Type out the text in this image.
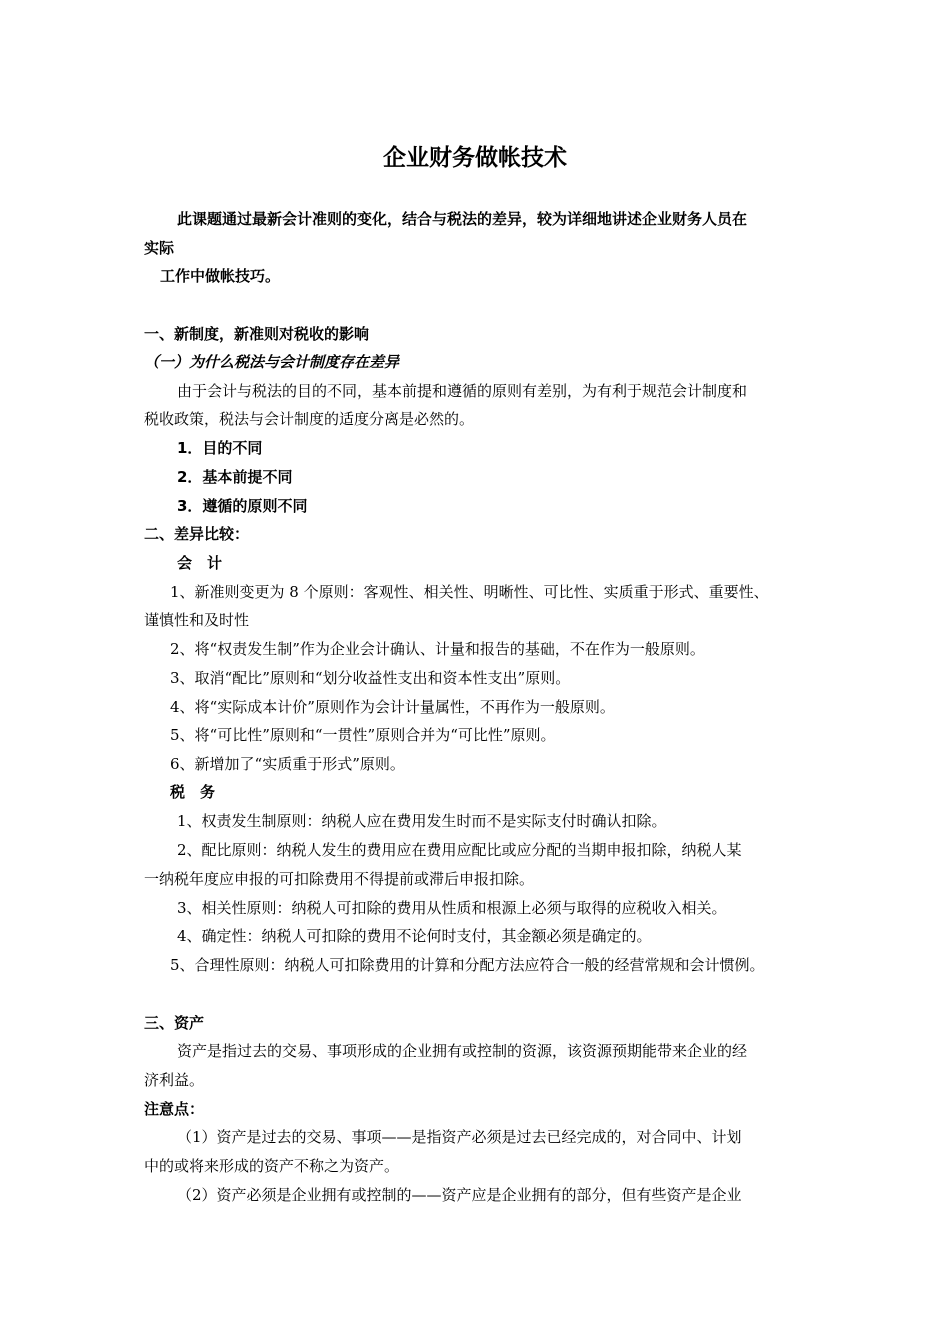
企业财务做帐技术
此课题通过最新会计准则的变化，结合与税法的差异，较为详细地讲述企业财务人员在
实际
工作中做帐技巧。
一、新制度，新准则对税收的影响
（一）为什么税法与会计制度存在差异
由于会计与税法的目的不同，基本前提和遵循的原则有差别，为有利于规范会计制度和
税收政策，税法与会计制度的适度分离是必然的。
1．目的不同
2．基本前提不同
3．遵循的原则不同
二、差异比较：
会　计
1、新准则变更为 8 个原则：客观性、相关性、明晰性、可比性、实质重于形式、重要性、
谨慎性和及时性
2、将“权责发生制”作为企业会计确认、计量和报告的基础，不在作为一般原则。
3、取消“配比”原则和“划分收益性支出和资本性支出”原则。
4、将“实际成本计价”原则作为会计计量属性，不再作为一般原则。
5、将“可比性”原则和“一贯性”原则合并为“可比性”原则。
6、新增加了“实质重于形式”原则。
税　务
1、权责发生制原则：纳税人应在费用发生时而不是实际支付时确认扣除。
2、配比原则：纳税人发生的费用应在费用应配比或应分配的当期申报扣除，纳税人某
一纳税年度应申报的可扣除费用不得提前或滞后申报扣除。
3、相关性原则：纳税人可扣除的费用从性质和根源上必须与取得的应税收入相关。
4、确定性：纳税人可扣除的费用不论何时支付，其金额必须是确定的。
5、合理性原则：纳税人可扣除费用的计算和分配方法应符合一般的经营常规和会计惯例。
三、资产
资产是指过去的交易、事项形成的企业拥有或控制的资源，该资源预期能带来企业的经
济利益。
注意点：
（1）资产是过去的交易、事项——是指资产必须是过去已经完成的，对合同中、计划
中的或将来形成的资产不称之为资产。
（2）资产必须是企业拥有或控制的——资产应是企业拥有的部分，但有些资产是企业
